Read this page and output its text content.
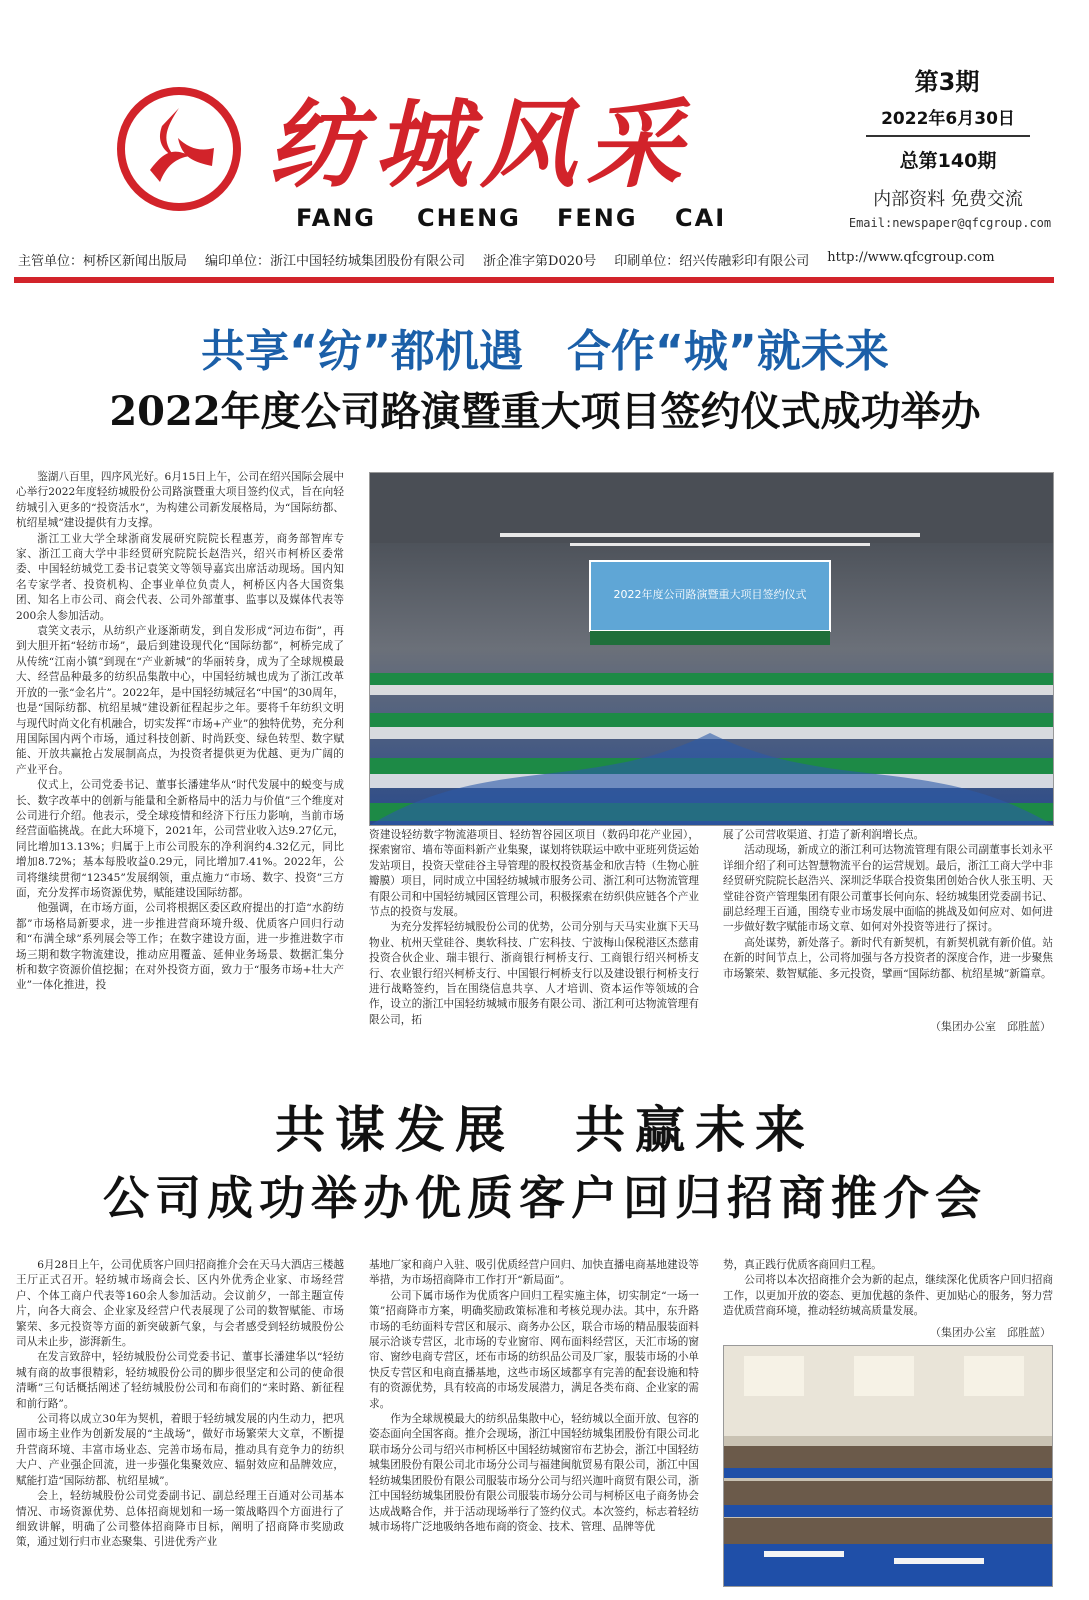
纺城风采
FANG CHENG FENG CAI
第3期
2022年6月30日
总第140期
内部资料 免费交流
Email:newspaper@qfcgroup.com
主管单位：柯桥区新闻出版局 编印单位：浙江中国轻纺城集团股份有限公司 浙企准字第D020号 印刷单位：绍兴传融彩印有限公司 http://www.qfcgroup.com
共享“纺”都机遇　合作“城”就未来
2022年度公司路演暨重大项目签约仪式成功举办

鉴湖八百里，四序风光好。6月15日上午，公司在绍兴国际会展中心举行2022年度轻纺城股份公司路演暨重大项目签约仪式，旨在向轻纺城引入更多的“投资活水”，为构建公司新发展格局，为“国际纺都、杭绍星城”建设提供有力支撑。

浙江工业大学全球浙商发展研究院院长程惠芳，商务部智库专家、浙江工商大学中非经贸研究院院长赵浩兴，绍兴市柯桥区委常委、中国轻纺城党工委书记袁笑文等领导嘉宾出席活动现场。国内知名专家学者、投资机构、企事业单位负责人，柯桥区内各大国资集团、知名上市公司、商会代表、公司外部董事、监事以及媒体代表等200余人参加活动。

袁笑文表示，从纺织产业逐渐萌发，到自发形成“河边布街”，再到大胆开拓“轻纺市场”，最后到建设现代化“国际纺都”，柯桥完成了从传统“江南小镇”到现在“产业新城”的华丽转身，成为了全球规模最大、经营品种最多的纺织品集散中心，中国轻纺城也成为了浙江改革开放的一张“金名片”。2022年，是中国轻纺城冠名“中国”的30周年，也是“国际纺都、杭绍星城”建设新征程起步之年。要将千年纺织文明与现代时尚文化有机融合，切实发挥“市场+产业”的独特优势，充分利用国际国内两个市场，通过科技创新、时尚跃变、绿色转型、数字赋能、开放共赢抢占发展制高点，为投资者提供更为优越、更为广阔的产业平台。

仪式上，公司党委书记、董事长潘建华从“时代发展中的蜕变与成长、数字改革中的创新与能量和全新格局中的活力与价值”三个维度对公司进行介绍。他表示，受全球疫情和经济下行压力影响，当前市场经营面临挑战。在此大环境下，2021年，公司营业收入达9.27亿元，同比增加13.13%；归属于上市公司股东的净利润约4.32亿元，同比增加8.72%；基本每股收益0.29元，同比增加7.41%。2022年，公司将继续贯彻“12345”发展纲领，重点施力“市场、数字、投资”三方面，充分发挥市场资源优势，赋能建设国际纺都。

他强调，在市场方面，公司将根据区委区政府提出的打造“水韵纺都”市场格局新要求，进一步推进营商环境升级、优质客户回归行动和“布满全球”系列展会等工作；在数字建设方面，进一步推进数字市场三期和数字物流建设，推动应用覆盖、延伸业务场景、数据汇集分析和数字资源价值挖掘；在对外投资方面，致力于“服务市场+壮大产业”一体化推进，投

2022年度公司路演暨重大项目签约仪式

资建设轻纺数字物流港项目、轻纺智谷园区项目（数码印花产业园），探索窗帘、墙布等面料新产业集聚，谋划将铁联运中欧中亚班列货运始发站项目，投资天堂硅谷主导管理的股权投资基金和欣吉特（生物心脏瓣膜）项目，同时成立中国轻纺城城市服务公司、浙江利可达物流管理有限公司和中国轻纺城园区管理公司，积极探索在纺织供应链各个产业节点的投资与发展。

为充分发挥轻纺城股份公司的优势，公司分别与天马实业旗下天马物业、杭州天堂硅谷、奥软科技、广宏科技、宁波梅山保税港区杰慈甫投资合伙企业、瑞丰银行、浙商银行柯桥支行、工商银行绍兴柯桥支行、农业银行绍兴柯桥支行、中国银行柯桥支行以及建设银行柯桥支行进行战略签约，旨在围绕信息共享、人才培训、资本运作等领域的合作，设立的浙江中国轻纺城城市服务有限公司、浙江利可达物流管理有限公司，拓

展了公司营收渠道、打造了新利润增长点。

活动现场，新成立的浙江利可达物流管理有限公司副董事长刘永平详细介绍了利可达智慧物流平台的运营规划。最后，浙江工商大学中非经贸研究院院长赵浩兴、深圳泛华联合投资集团创始合伙人张玉明、天堂硅谷资产管理集团有限公司董事长何向东、轻纺城集团党委副书记、副总经理王百通，围绕专业市场发展中面临的挑战及如何应对、如何进一步做好数字赋能市场文章、如何对外投资等进行了探讨。

高处谋势，新处落子。新时代有新契机，有新契机就有新价值。站在新的时间节点上，公司将加强与各方投资者的深度合作，进一步聚焦市场繁荣、数智赋能、多元投资，擘画“国际纺都、杭绍星城”新篇章。

（集团办公室　邱胜蓝）
共谋发展　共赢未来
公司成功举办优质客户回归招商推介会

6月28日上午，公司优质客户回归招商推介会在天马大酒店三楼越王厅正式召开。轻纺城市场商会长、区内外优秀企业家、市场经营户、个体工商户代表等160余人参加活动。会议前夕，一部主题宣传片，向各大商会、企业家及经营户代表展现了公司的数智赋能、市场繁荣、多元投资等方面的新突破新气象，与会者感受到轻纺城股份公司从未止步，澎湃新生。

在发言致辞中，轻纺城股份公司党委书记、董事长潘建华以“轻纺城有商的故事很精彩，轻纺城股份公司的脚步很坚定和公司的使命很清晰”三句话概括阐述了轻纺城股份公司和布商们的“来时路、新征程和前行路”。

公司将以成立30年为契机，着眼于轻纺城发展的内生动力，把巩固市场主业作为创新发展的“主战场”，做好市场繁荣大文章，不断提升营商环境、丰富市场业态、完善市场布局，推动具有竞争力的纺织大户、产业强企回流，进一步强化集聚效应、辐射效应和品牌效应，赋能打造“国际纺都、杭绍星城”。

会上，轻纺城股份公司党委副书记、副总经理王百通对公司基本情况、市场资源优势、总体招商规划和一场一策战略四个方面进行了细致讲解，明确了公司整体招商降市目标，阐明了招商降市奖励政策，通过划行归市业态聚集、引进优秀产业

基地厂家和商户入驻、吸引优质经营户回归、加快直播电商基地建设等举措，为市场招商降市工作打开“新局面”。

公司下属市场作为优质客户回归工程实施主体，切实制定“一场一策”招商降市方案，明确奖励政策标准和考核兑现办法。其中，东升路市场的毛纺面料专营区和展示、商务办公区，联合市场的精品服装面料展示洽谈专营区，北市场的专业窗帘、网布面料经营区，天汇市场的窗帘、窗纱电商专营区，坯布市场的纺织品公司及厂家，服装市场的小单快反专营区和电商直播基地，这些市场区域都享有完善的配套设施和特有的资源优势，具有较高的市场发展潜力，满足各类布商、企业家的需求。

作为全球规模最大的纺织品集散中心，轻纺城以全面开放、包容的姿态面向全国客商。推介会现场，浙江中国轻纺城集团股份有限公司北联市场分公司与绍兴市柯桥区中国轻纺城窗帘布艺协会，浙江中国轻纺城集团股份有限公司北市场分公司与福建闽航贸易有限公司，浙江中国轻纺城集团股份有限公司服装市场分公司与绍兴迦叶商贸有限公司，浙江中国轻纺城集团股份有限公司服装市场分公司与柯桥区电子商务协会达成战略合作，并于活动现场举行了签约仪式。本次签约，标志着轻纺城市场将广泛地吸纳各地布商的资金、技术、管理、品牌等优

势，真正践行优质客商回归工程。

公司将以本次招商推介会为新的起点，继续深化优质客户回归招商工作，以更加开放的姿态、更加优越的条件、更加贴心的服务，努力营造优质营商环境，推动轻纺城高质量发展。

（集团办公室　邱胜蓝）
